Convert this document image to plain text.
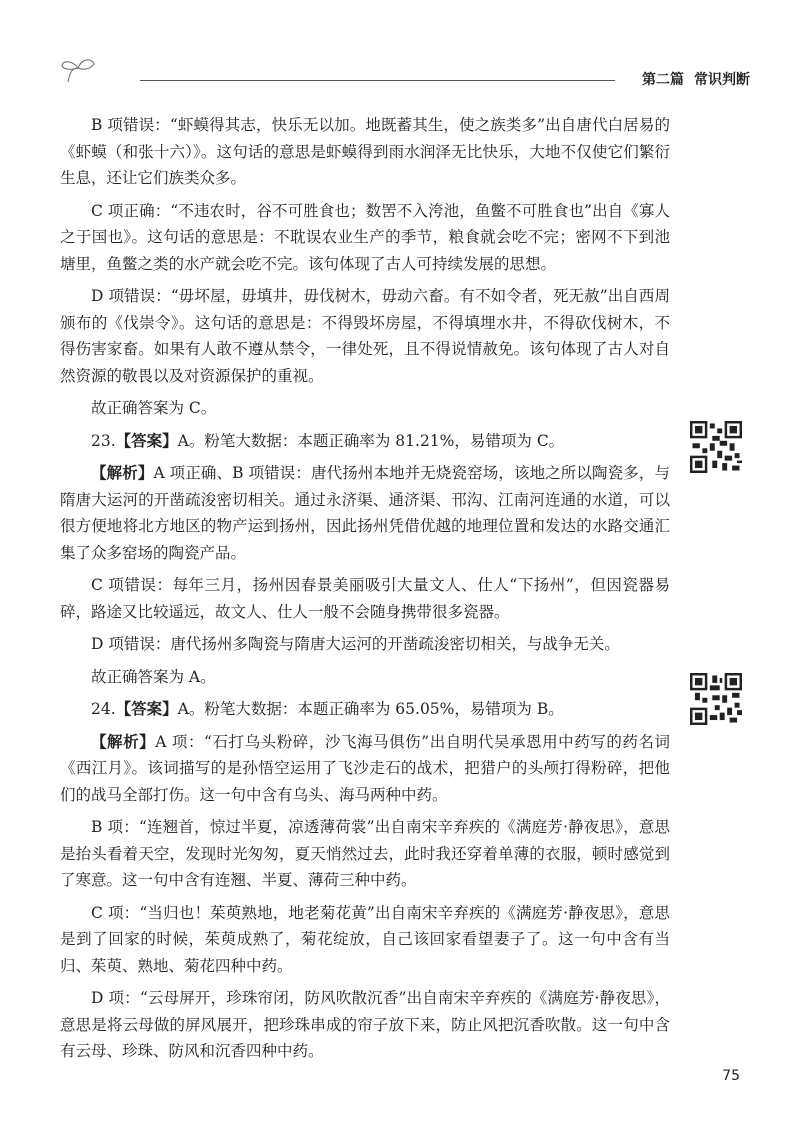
第二篇 常识判断

B 项错误：“虾蟆得其志，快乐无以加。地既蓄其生，使之族类多”出自唐代白居易的《虾蟆（和张十六）》。这句话的意思是虾蟆得到雨水润泽无比快乐，大地不仅使它们繁衍生息，还让它们族类众多。

C 项正确：“不违农时，谷不可胜食也；数罟不入洿池，鱼鳖不可胜食也”出自《寡人之于国也》。这句话的意思是：不耽误农业生产的季节，粮食就会吃不完；密网不下到池塘里，鱼鳖之类的水产就会吃不完。该句体现了古人可持续发展的思想。

D 项错误：“毋坏屋，毋填井，毋伐树木，毋动六畜。有不如令者，死无赦”出自西周颁布的《伐崇令》。这句话的意思是：不得毁坏房屋，不得填埋水井，不得砍伐树木，不得伤害家畜。如果有人敢不遵从禁令，一律处死，且不得说情赦免。该句体现了古人对自然资源的敬畏以及对资源保护的重视。

故正确答案为 C。

23.【答案】A。粉笔大数据：本题正确率为 81.21%，易错项为 C。

【解析】A 项正确、B 项错误：唐代扬州本地并无烧瓷窑场，该地之所以陶瓷多，与隋唐大运河的开凿疏浚密切相关。通过永济渠、通济渠、邗沟、江南河连通的水道，可以很方便地将北方地区的物产运到扬州，因此扬州凭借优越的地理位置和发达的水路交通汇集了众多窑场的陶瓷产品。

C 项错误：每年三月，扬州因春景美丽吸引大量文人、仕人“下扬州”，但因瓷器易碎，路途又比较遥远，故文人、仕人一般不会随身携带很多瓷器。

D 项错误：唐代扬州多陶瓷与隋唐大运河的开凿疏浚密切相关，与战争无关。

故正确答案为 A。

24.【答案】A。粉笔大数据：本题正确率为 65.05%，易错项为 B。

【解析】A 项：“石打乌头粉碎，沙飞海马俱伤”出自明代吴承恩用中药写的药名词《西江月》。该词描写的是孙悟空运用了飞沙走石的战术，把猎户的头颅打得粉碎，把他们的战马全部打伤。这一句中含有乌头、海马两种中药。

B 项：“连翘首，惊过半夏，凉透薄荷裳”出自南宋辛弃疾的《满庭芳·静夜思》，意思是抬头看着天空，发现时光匆匆，夏天悄然过去，此时我还穿着单薄的衣服，顿时感觉到了寒意。这一句中含有连翘、半夏、薄荷三种中药。

C 项：“当归也！茱萸熟地，地老菊花黄”出自南宋辛弃疾的《满庭芳·静夜思》，意思是到了回家的时候，茱萸成熟了，菊花绽放，自己该回家看望妻子了。这一句中含有当归、茱萸、熟地、菊花四种中药。

D 项：“云母屏开，珍珠帘闭，防风吹散沉香”出自南宋辛弃疾的《满庭芳·静夜思》，意思是将云母做的屏风展开，把珍珠串成的帘子放下来，防止风把沉香吹散。这一句中含有云母、珍珠、防风和沉香四种中药。

75
